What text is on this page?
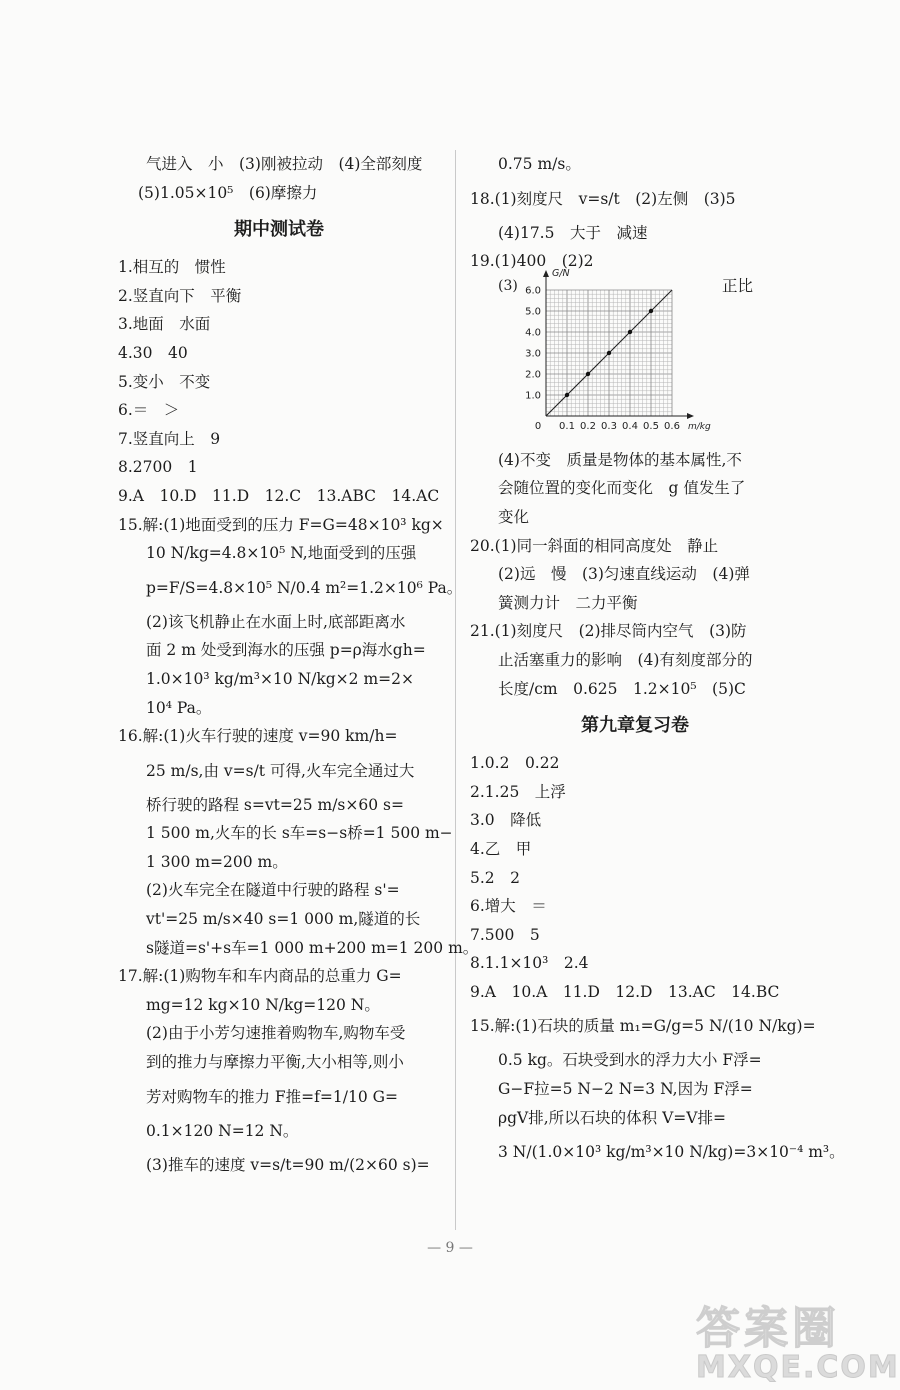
气进入　小　(3)刚被拉动　(4)全部刻度
(5)1.05×10⁵　(6)摩擦力
期中测试卷
1.相互的　惯性
2.竖直向下　平衡
3.地面　水面
4.30　40
5.变小　不变
6.＝　＞
7.竖直向上　9
8.2700　1
9.A　10.D　11.D　12.C　13.ABC　14.AC
15.解:(1)地面受到的压力 F=G=48×10³ kg×
10 N/kg=4.8×10⁵ N,地面受到的压强
p=F/S=4.8×10⁵ N/0.4 m²=1.2×10⁶ Pa。
(2)该飞机静止在水面上时,底部距离水
面 2 m 处受到海水的压强 p=ρ海水gh=
1.0×10³ kg/m³×10 N/kg×2 m=2×
10⁴ Pa。
16.解:(1)火车行驶的速度 v=90 km/h=
25 m/s,由 v=s/t 可得,火车完全通过大
桥行驶的路程 s=vt=25 m/s×60 s=
1 500 m,火车的长 s车=s−s桥=1 500 m−
1 300 m=200 m。
(2)火车完全在隧道中行驶的路程 s'=
vt'=25 m/s×40 s=1 000 m,隧道的长
s隧道=s'+s车=1 000 m+200 m=1 200 m。
17.解:(1)购物车和车内商品的总重力 G=
mg=12 kg×10 N/kg=120 N。
(2)由于小芳匀速推着购物车,购物车受
到的推力与摩擦力平衡,大小相等,则小
芳对购物车的推力 F推=f=1/10 G=
0.1×120 N=12 N。
(3)推车的速度 v=s/t=90 m/(2×60 s)=
0.75 m/s。
18.(1)刻度尺　v=s/t　(2)左侧　(3)5
(4)17.5　大于　减速
19.(1)400　(2)2
(3)	正比
0.1 0.2 0.3 0.4 0.5 0.6
1.0
2.0
3.0
4.0
5.0
6.0
0	m/kg
G/N
(4)不变　质量是物体的基本属性,不
会随位置的变化而变化　g 值发生了
变化
20.(1)同一斜面的相同高度处　静止
(2)远　慢　(3)匀速直线运动　(4)弹
簧测力计　二力平衡
21.(1)刻度尺　(2)排尽筒内空气　(3)防
止活塞重力的影响　(4)有刻度部分的
长度/cm　0.625　1.2×10⁵　(5)C
第九章复习卷
1.0.2　0.22
2.1.25　上浮
3.0　降低
4.乙　甲
5.2　2
6.增大　＝
7.500　5
8.1.1×10³　2.4
9.A　10.A　11.D　12.D　13.AC　14.BC
15.解:(1)石块的质量 m₁=G/g=5 N/(10 N/kg)=
0.5 kg。石块受到水的浮力大小 F浮=
G−F拉=5 N−2 N=3 N,因为 F浮=
ρgV排,所以石块的体积 V=V排=
3 N/(1.0×10³ kg/m³×10 N/kg)=3×10⁻⁴ m³。
— 9 —
答案圈
MXQE.COM
